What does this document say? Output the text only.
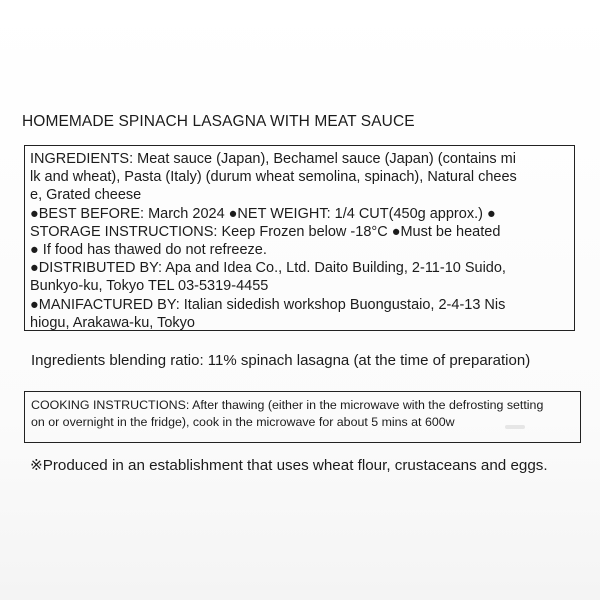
HOMEMADE SPINACH LASAGNA WITH MEAT SAUCE
INGREDIENTS: Meat sauce (Japan), Bechamel sauce (Japan) (contains mi
lk and wheat), Pasta (Italy) (durum wheat semolina, spinach), Natural chees
e, Grated cheese
●BEST BEFORE: March 2024 ●NET WEIGHT: 1/4 CUT(450g approx.) ●
STORAGE INSTRUCTIONS: Keep Frozen below -18°C ●Must be heated
● If food has thawed do not refreeze.
●DISTRIBUTED BY: Apa and Idea Co., Ltd. Daito Building, 2-11-10 Suido,
Bunkyo-ku, Tokyo TEL 03-5319-4455
●MANIFACTURED BY: Italian sidedish workshop Buongustaio, 2-4-13 Nis
hiogu, Arakawa-ku, Tokyo
Ingredients blending ratio: 11% spinach lasagna (at the time of preparation)
COOKING INSTRUCTIONS: After thawing (either in the microwave with the defrosting setting
on or overnight in the fridge), cook in the microwave for about 5 mins at 600w
※Produced in an establishment that uses wheat flour, crustaceans and eggs.
